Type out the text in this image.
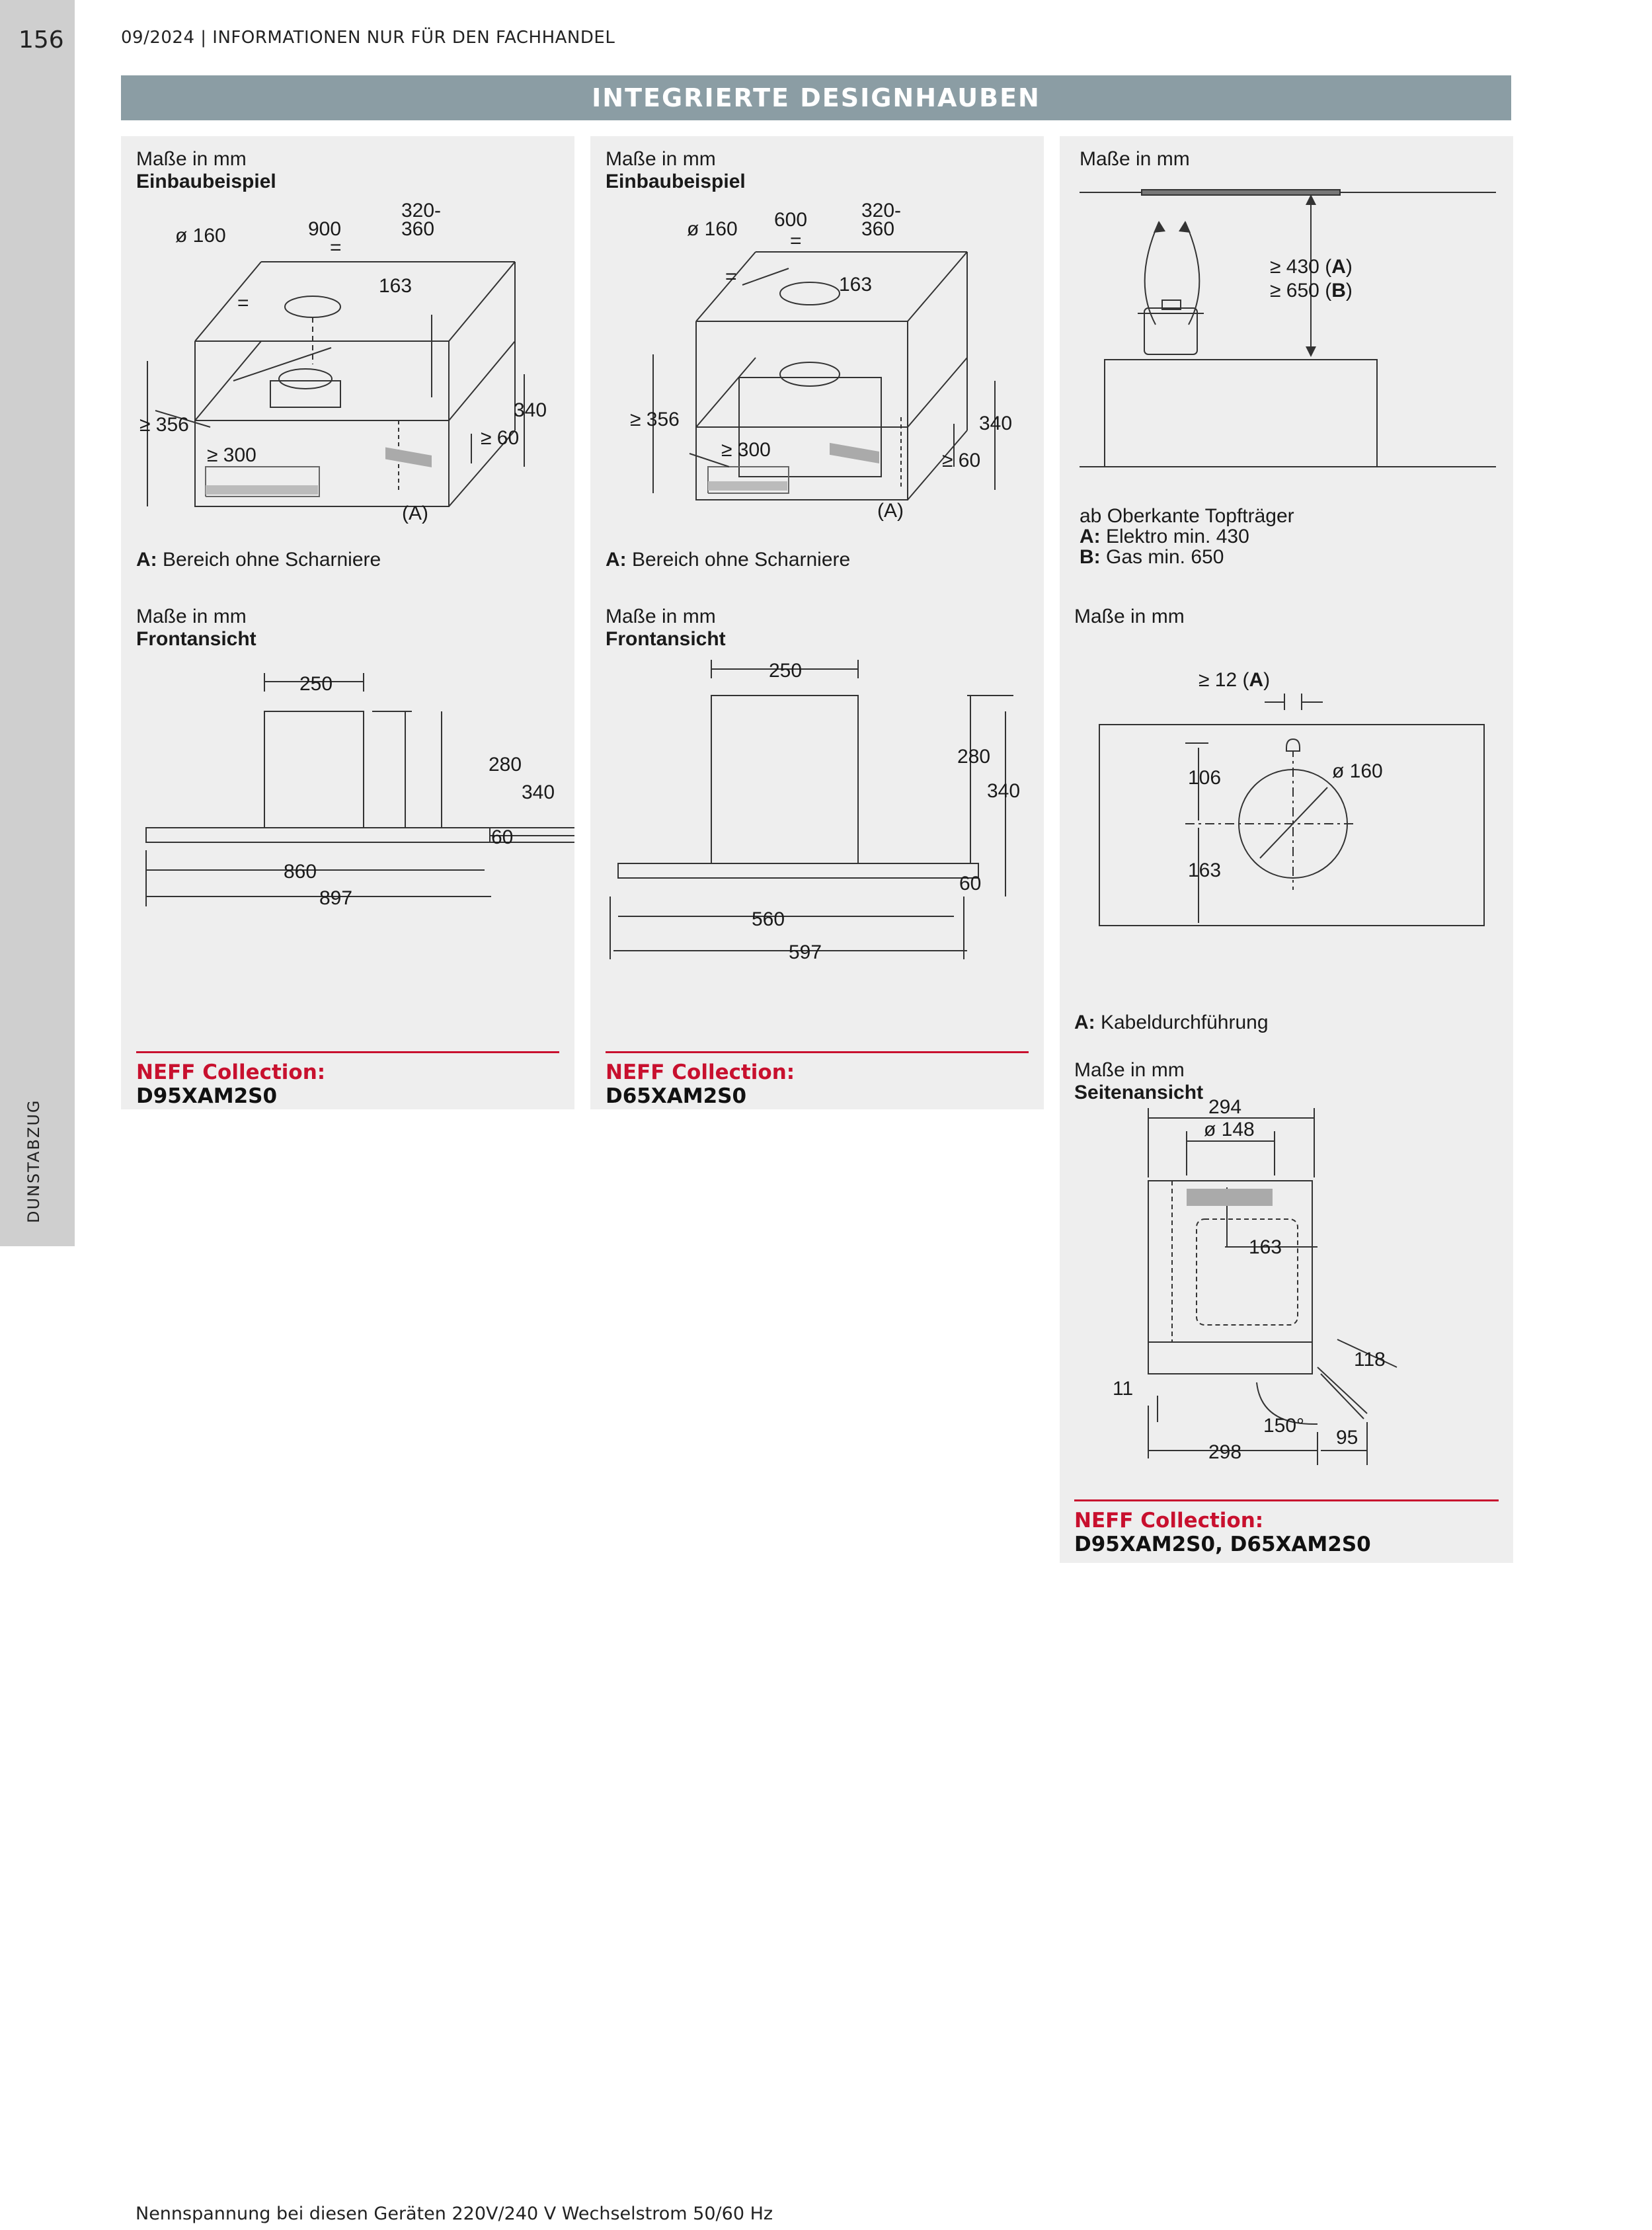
156
DUNSTABZUG
09/2024 | INFORMATIONEN NUR FÜR DEN FACHHANDEL
INTEGRIERTE DESIGNHAUBEN
Maße in mm
Einbaubeispiel
ø 160	900
=
=
320-
360
163
≥ 356
≥ 300
340
≥ 60
(A)
250
280
340
60
860
897
A: Bereich ohne Scharniere
Maße in mm
Frontansicht
NEFF Collection:
D95XAM2S0
Maße in mm
Einbaubeispiel
ø 160 600
=
=
320-
360
163
≥ 356
≥ 300
340
≥ 60
(A)
250
280
340
60
560
597
A: Bereich ohne Scharniere
Maße in mm
Frontansicht
NEFF Collection:
D65XAM2S0
Maße in mm
≥ 430 (A)
≥ 650 (B)
≥ 12 (A)
ø 160
106
163
294
ø 148
163
118
11
150°
298
95
ab Oberkante Topfträger
A: Elektro min. 430
B: Gas min. 650
Maße in mm
A: Kabeldurchführung
Maße in mm
Seitenansicht
NEFF Collection:
D95XAM2S0, D65XAM2S0
Nennspannung bei diesen Geräten 220V/240 V Wechselstrom 50/60 Hz
